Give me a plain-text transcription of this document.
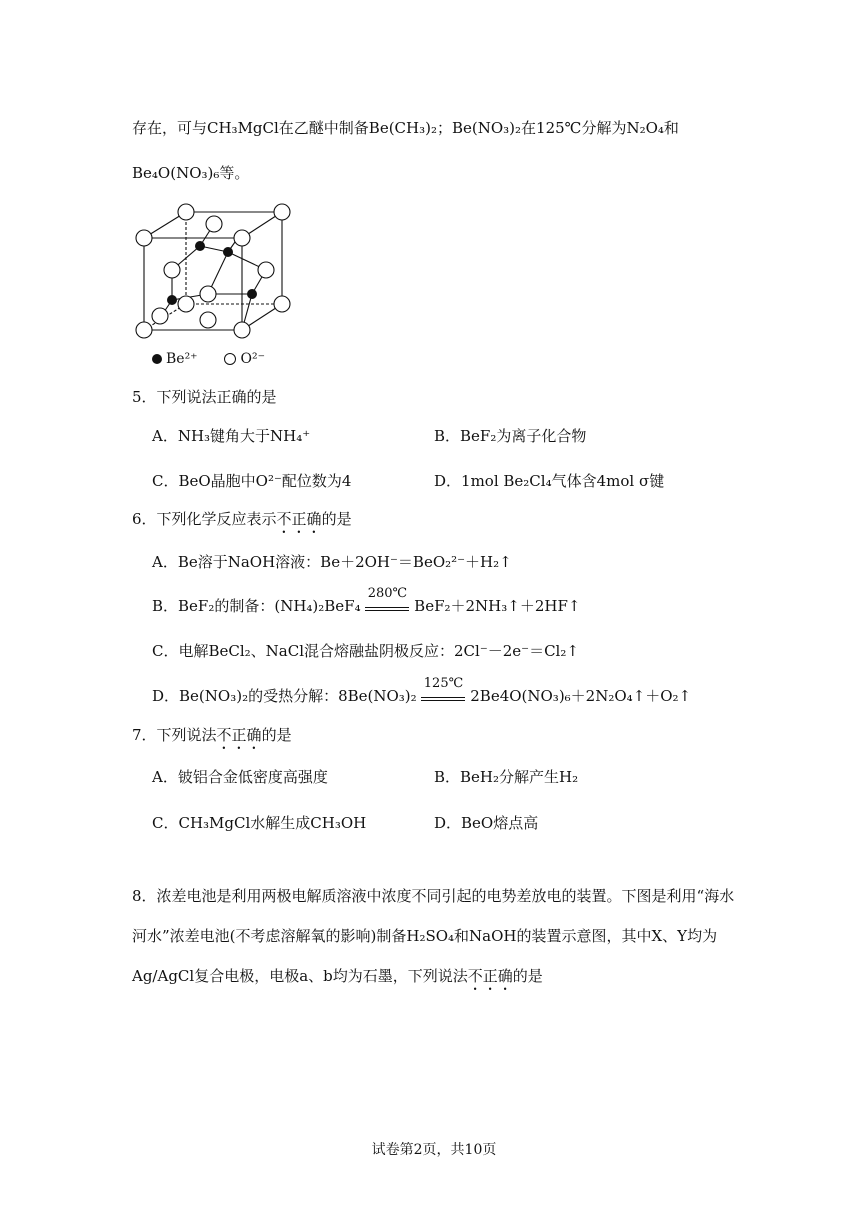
存在，可与CH₃MgCl在乙醚中制备Be(CH₃)₂；Be(NO₃)₂在125℃分解为N₂O₄和
Be₄O(NO₃)₆等。
Be²⁺	O²⁻
5．下列说法正确的是
A．NH₃键角大于NH₄⁺	B．BeF₂为离子化合物
C．BeO晶胞中O²⁻配位数为4	D．1mol Be₂Cl₄气体含4mol σ键
6．下列化学反应表示不正确的是
A．Be溶于NaOH溶液：Be＋2OH⁻＝BeO₂²⁻＋H₂↑
B．BeF₂的制备：(NH₄)₂BeF₄
280℃
BeF₂＋2NH₃↑＋2HF↑
C．电解BeCl₂、NaCl混合熔融盐阴极反应：2Cl⁻－2e⁻＝Cl₂↑
D．Be(NO₃)₂的受热分解：8Be(NO₃)₂
125℃
2Be4O(NO₃)₆＋2N₂O₄↑＋O₂↑
7．下列说法不正确的是
A．铍铝合金低密度高强度	B．BeH₂分解产生H₂
C．CH₃MgCl水解生成CH₃OH	D．BeO熔点高
8．浓差电池是利用两极电解质溶液中浓度不同引起的电势差放电的装置。下图是利用“海水
河水”浓差电池(不考虑溶解氧的影响)制备H₂SO₄和NaOH的装置示意图，其中X、Y均为
Ag/AgCl复合电极，电极a、b均为石墨，下列说法不正确的是
试卷第2页，共10页
